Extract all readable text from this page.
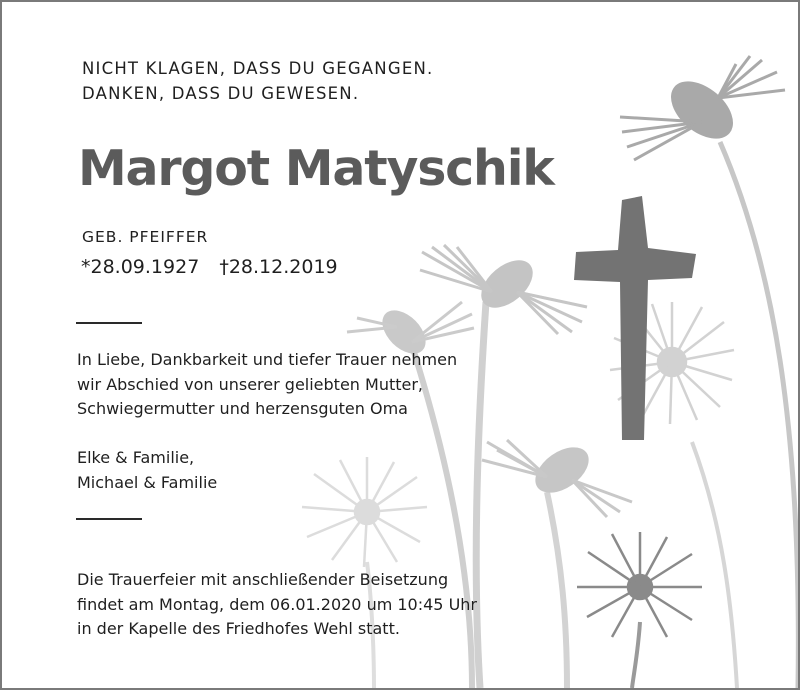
NICHT KLAGEN, DASS DU GEGANGEN.
DANKEN, DASS DU GEWESEN.
Margot Matyschik
GEB. PFEIFFER
*28.09.1927 †28.12.2019
In Liebe, Dankbarkeit und tiefer Trauer nehmen
wir Abschied von unserer geliebten Mutter,
Schwiegermutter und herzensguten Oma
Elke & Familie,
Michael & Familie
Die Trauerfeier mit anschließender Beisetzung
findet am Montag, dem 06.01.2020 um 10:45 Uhr
in der Kapelle des Friedhofes Wehl statt.
